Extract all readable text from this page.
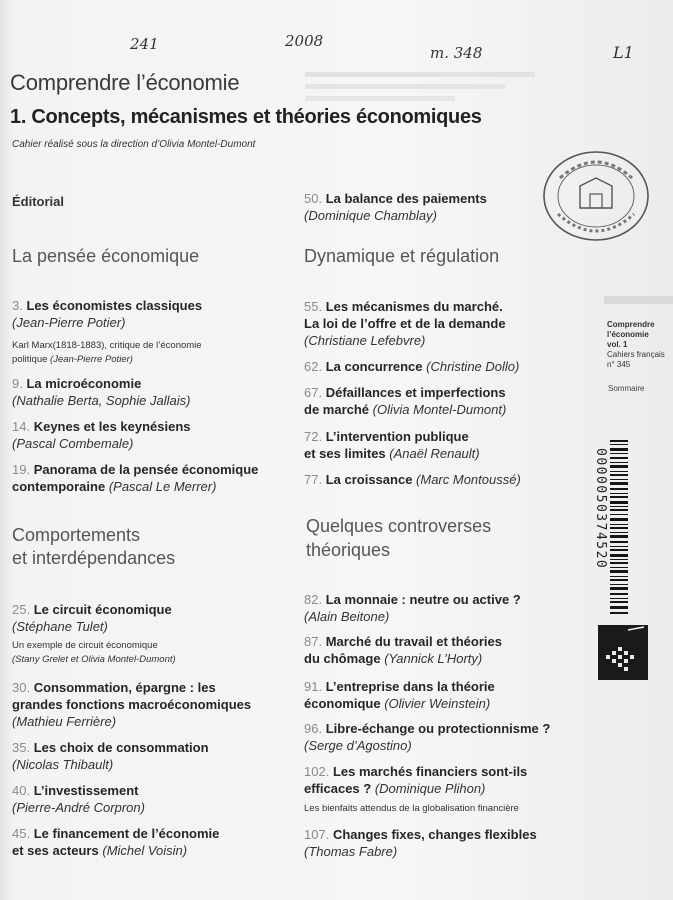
241	2008
m. 348	L1
Comprendre l’économie
1. Concepts, mécanismes et théories économiques
Cahier réalisé sous la direction d’Olivia Montel-Dumont
Éditorial
La pensée économique
3. Les économistes classiques
(Jean-Pierre Potier)
Karl Marx(1818-1883), critique de l’économie
politique (Jean-Pierre Potier)
9. La microéconomie
(Nathalie Berta, Sophie Jallais)
14. Keynes et les keynésiens
(Pascal Combemale)
19. Panorama de la pensée économique
contemporaine (Pascal Le Merrer)
Comportements
et interdépendances
25. Le circuit économique
(Stéphane Tulet)
Un exemple de circuit économique
(Stany Grelet et Olivia Montel-Dumont)
30. Consommation, épargne : les
grandes fonctions macroéconomiques
(Mathieu Ferrière)
35. Les choix de consommation
(Nicolas Thibault)
40. L’investissement
(Pierre-André Corpron)
45. Le financement de l’économie
et ses acteurs (Michel Voisin)
50. La balance des paiements
(Dominique Chamblay)
Dynamique et régulation
55. Les mécanismes du marché.
La loi de l’offre et de la demande
(Christiane Lefebvre)
62. La concurrence (Christine Dollo)
67. Défaillances et imperfections
de marché (Olivia Montel-Dumont)
72. L’intervention publique
et ses limites (Anaël Renault)
77. La croissance (Marc Montoussé)
Quelques controverses
théoriques
82. La monnaie : neutre ou active ?
(Alain Beitone)
87. Marché du travail et théories
du chômage (Yannick L’Horty)
91. L’entreprise dans la théorie
économique (Olivier Weinstein)
96. Libre-échange ou protectionnisme ?
(Serge d’Agostino)
102. Les marchés financiers sont-ils
efficaces ? (Dominique Plihon)
Les bienfaits attendus de la globalisation financière
107. Changes fixes, changes flexibles
(Thomas Fabre)
Comprendre
l’économie
vol. 1
Cahiers français
n° 345
Sommaire
0000050374520
